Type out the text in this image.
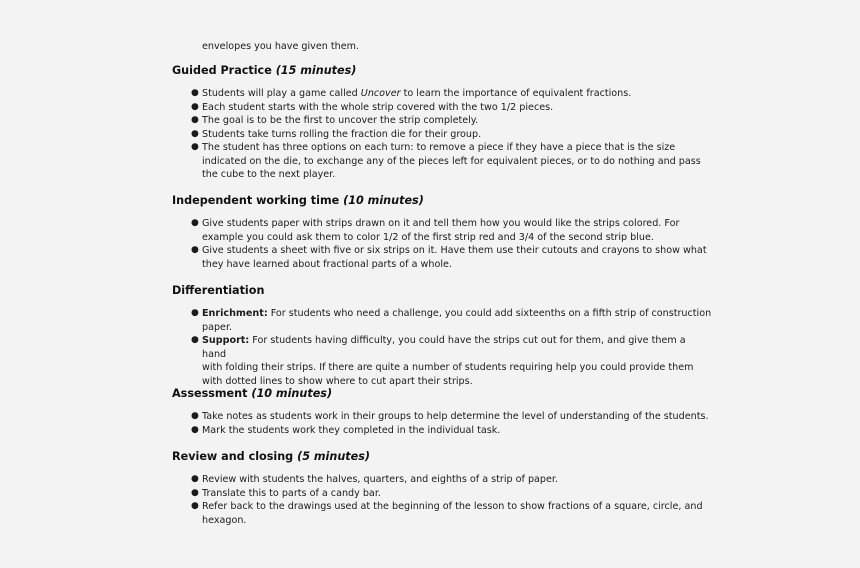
envelopes you have given them.

Guided Practice (15 minutes)
● Students will play a game called Uncover to learn the importance of equivalent fractions.
● Each student starts with the whole strip covered with the two 1/2 pieces.
● The goal is to be the first to uncover the strip completely.
● Students take turns rolling the fraction die for their group.
● The student has three options on each turn: to remove a piece if they have a piece that is the size
indicated on the die, to exchange any of the pieces left for equivalent pieces, or to do nothing and pass
the cube to the next player.
Independent working time (10 minutes)
● Give students paper with strips drawn on it and tell them how you would like the strips colored. For
example you could ask them to color 1/2 of the first strip red and 3/4 of the second strip blue.
● Give students a sheet with five or six strips on it. Have them use their cutouts and crayons to show what
they have learned about fractional parts of a whole.
Differentiation
● Enrichment: For students who need a challenge, you could add sixteenths on a fifth strip of construction
paper.
● Support: For students having difficulty, you could have the strips cut out for them, and give them a hand
with folding their strips. If there are quite a number of students requiring help you could provide them
with dotted lines to show where to cut apart their strips.
Assessment (10 minutes)
● Take notes as students work in their groups to help determine the level of understanding of the students.
● Mark the students work they completed in the individual task.
Review and closing (5 minutes)
● Review with students the halves, quarters, and eighths of a strip of paper.
● Translate this to parts of a candy bar.
● Refer back to the drawings used at the beginning of the lesson to show fractions of a square, circle, and
hexagon.
